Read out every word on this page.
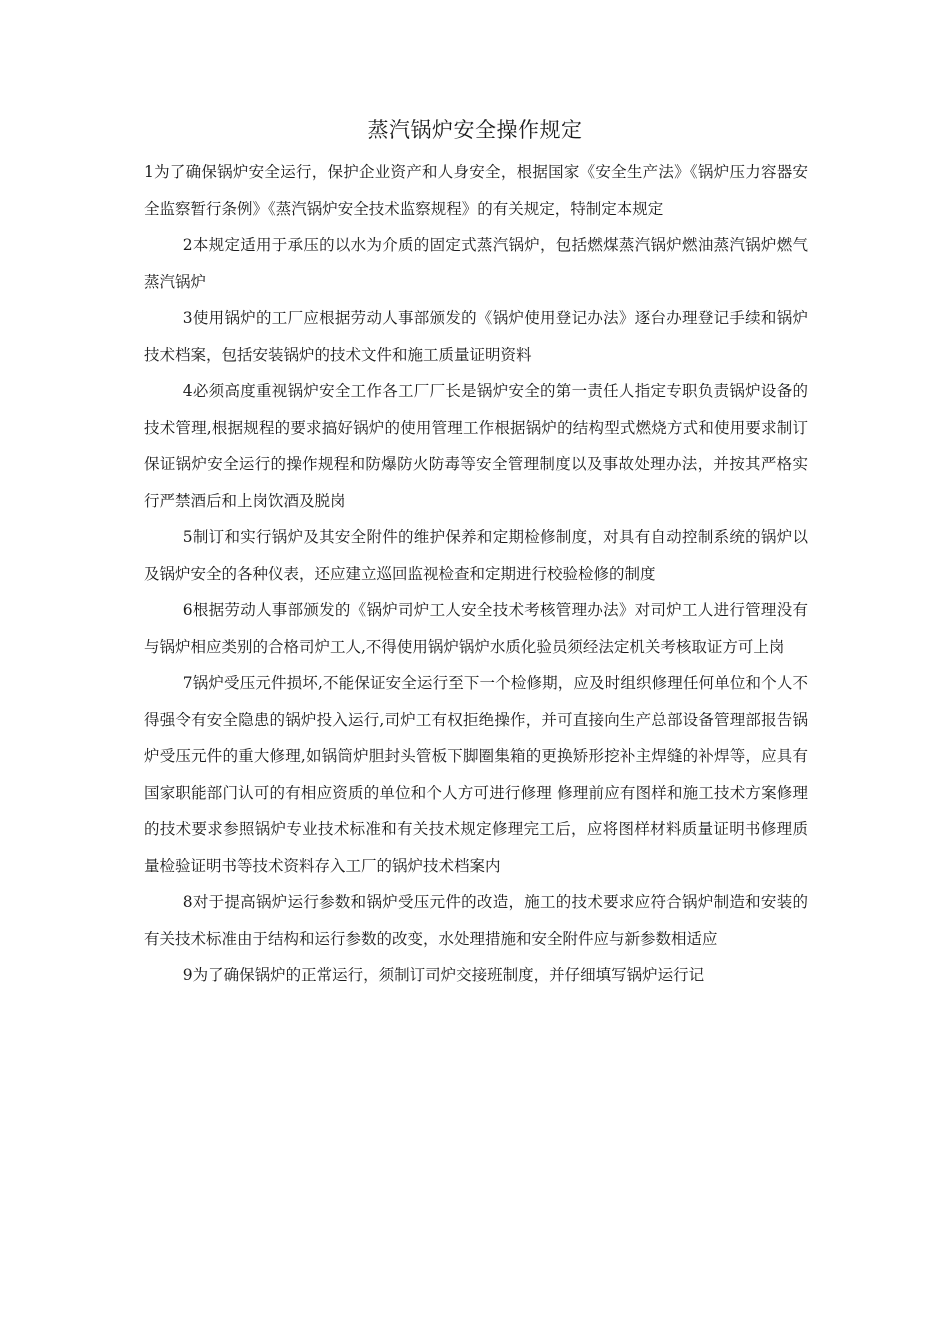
蒸汽锅炉安全操作规定

1为了确保锅炉安全运行，保护企业资产和人身安全，根据国家《安全生产法》《锅炉压力容器安全监察暂行条例》《蒸汽锅炉安全技术监察规程》的有关规定，特制定本规定

2本规定适用于承压的以水为介质的固定式蒸汽锅炉，包括燃煤蒸汽锅炉燃油蒸汽锅炉燃气蒸汽锅炉

3使用锅炉的工厂应根据劳动人事部颁发的《锅炉使用登记办法》逐台办理登记手续和锅炉技术档案，包括安装锅炉的技术文件和施工质量证明资料

4必须高度重视锅炉安全工作各工厂厂长是锅炉安全的第一责任人指定专职负责锅炉设备的技术管理,根据规程的要求搞好锅炉的使用管理工作根据锅炉的结构型式燃烧方式和使用要求制订保证锅炉安全运行的操作规程和防爆防火防毒等安全管理制度以及事故处理办法，并按其严格实行严禁酒后和上岗饮酒及脱岗

5制订和实行锅炉及其安全附件的维护保养和定期检修制度，对具有自动控制系统的锅炉以及锅炉安全的各种仪表，还应建立巡回监视检查和定期进行校验检修的制度

6根据劳动人事部颁发的《锅炉司炉工人安全技术考核管理办法》对司炉工人进行管理没有与锅炉相应类别的合格司炉工人,不得使用锅炉锅炉水质化验员须经法定机关考核取证方可上岗

7锅炉受压元件损坏,不能保证安全运行至下一个检修期，应及时组织修理任何单位和个人不得强令有安全隐患的锅炉投入运行,司炉工有权拒绝操作，并可直接向生产总部设备管理部报告锅炉受压元件的重大修理,如锅筒炉胆封头管板下脚圈集箱的更换矫形挖补主焊缝的补焊等，应具有国家职能部门认可的有相应资质的单位和个人方可进行修理 修理前应有图样和施工技术方案修理的技术要求参照锅炉专业技术标准和有关技术规定修理完工后，应将图样材料质量证明书修理质量检验证明书等技术资料存入工厂的锅炉技术档案内

8对于提高锅炉运行参数和锅炉受压元件的改造，施工的技术要求应符合锅炉制造和安装的有关技术标准由于结构和运行参数的改变，水处理措施和安全附件应与新参数相适应

9为了确保锅炉的正常运行，须制订司炉交接班制度，并仔细填写锅炉运行记
